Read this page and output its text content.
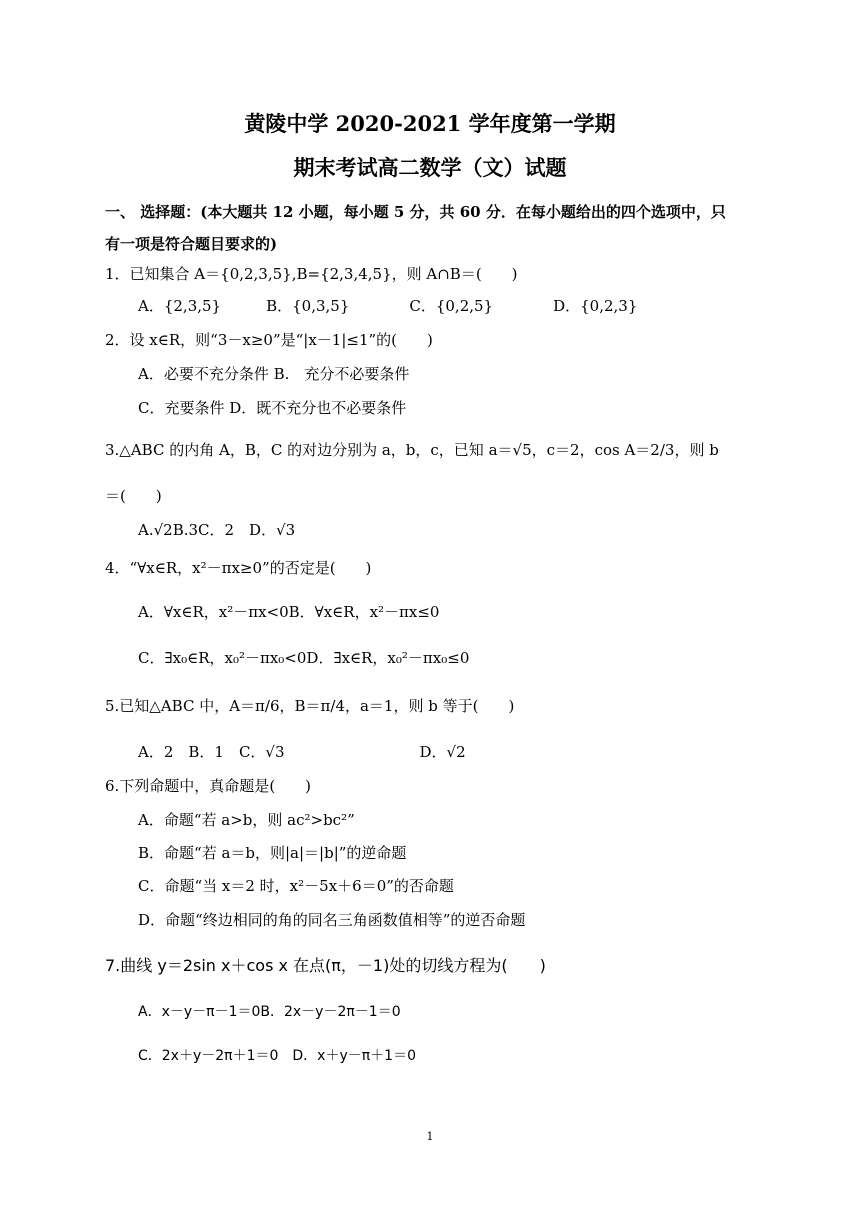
黄陵中学 2020-2021 学年度第一学期
期末考试高二数学（文）试题
一、 选择题：(本大题共 12 小题，每小题 5 分，共 60 分．在每小题给出的四个选项中，只
有一项是符合题目要求的)
1．已知集合 A＝{0,2,3,5},B={2,3,4,5}，则 A∩B＝(　　)
A．{2,3,5}　　　B．{0,3,5}　　　　C．{0,2,5}　　　　D．{0,2,3}
2．设 x∈R，则“3－x≥0”是“|x－1|≤1”的(　　)
A．必要不充分条件 B.　充分不必要条件
C．充要条件 D．既不充分也不必要条件
3.△ABC 的内角 A，B，C 的对边分别为 a，b，c，已知 a＝√5，c＝2，cos A＝2/3，则 b
＝(　　)
A.√2B.3C．2　D．√3
4．“∀x∈R，x²－πx≥0”的否定是(　　)
A．∀x∈R，x²－πx<0B．∀x∈R，x²－πx≤0
C．∃x₀∈R，x₀²－πx₀<0D．∃x∈R，x₀²－πx₀≤0
5.已知△ABC 中，A＝π/6，B＝π/4，a＝1，则 b 等于(　　)
A．2　B．1　C．√3　　　　　　　　　D．√2
6.下列命题中，真命题是(　　)
A．命题“若 a>b，则 ac²>bc²”
B．命题“若 a＝b，则|a|＝|b|”的逆命题
C．命题“当 x＝2 时，x²－5x＋6＝0”的否命题
D．命题“终边相同的角的同名三角函数值相等”的逆否命题
7.曲线 y＝2sin x＋cos x 在点(π，－1)处的切线方程为(　　)
A．x－y－π－1＝0B．2x－y－2π－1＝0
C．2x＋y－2π＋1＝0　D．x＋y－π＋1＝0
1
